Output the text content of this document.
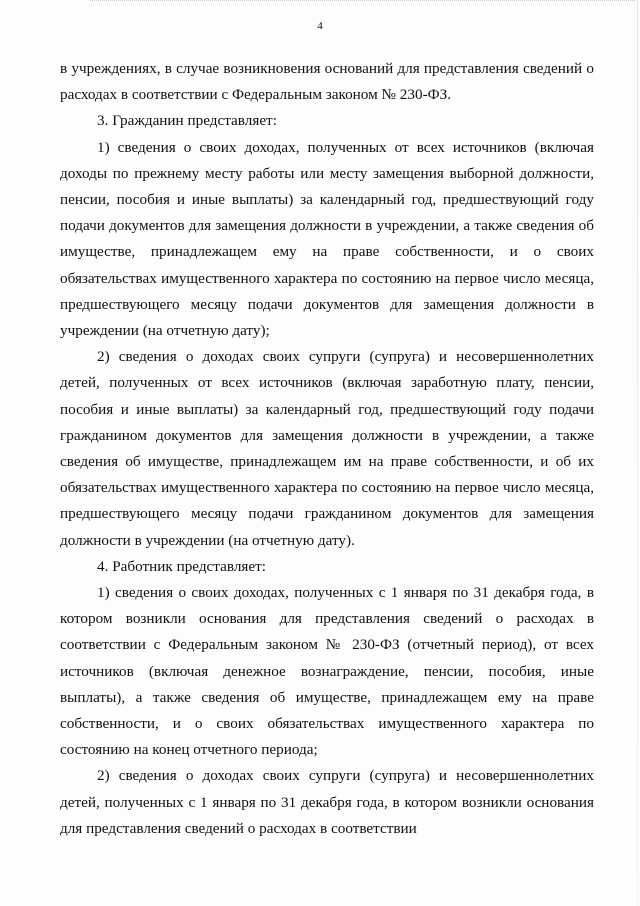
4

в учреждениях, в случае возникновения оснований для представления сведений о расходах в соответствии с Федеральным законом № 230-ФЗ.

3. Гражданин представляет:

1) сведения о своих доходах, полученных от всех источников (включая доходы по прежнему месту работы или месту замещения выборной должности, пенсии, пособия и иные выплаты) за календарный год, предшествующий году подачи документов для замещения должности в учреждении, а также сведения об имуществе, принадлежащем ему на праве собственности, и о своих обязательствах имущественного характера по состоянию на первое число месяца, предшествующего месяцу подачи документов для замещения должности в учреждении (на отчетную дату);

2) сведения о доходах своих супруги (супруга) и несовершеннолетних детей, полученных от всех источников (включая заработную плату, пенсии, пособия и иные выплаты) за календарный год, предшествующий году подачи гражданином документов для замещения должности в учреждении, а также сведения об имуществе, принадлежащем им на праве собственности, и об их обязательствах имущественного характера по состоянию на первое число месяца, предшествующего месяцу подачи гражданином документов для замещения должности в учреждении (на отчетную дату).

4. Работник представляет:

1) сведения о своих доходах, полученных с 1 января по 31 декабря года, в котором возникли основания для представления сведений о расходах в соответствии с Федеральным законом № 230-ФЗ (отчетный период), от всех источников (включая денежное вознаграждение, пенсии, пособия, иные выплаты), а также сведения об имуществе, принадлежащем ему на праве собственности, и о своих обязательствах имущественного характера по состоянию на конец отчетного периода;

2) сведения о доходах своих супруги (супруга) и несовершеннолетних детей, полученных с 1 января по 31 декабря года, в котором возникли основания для представления сведений о расходах в соответствии
